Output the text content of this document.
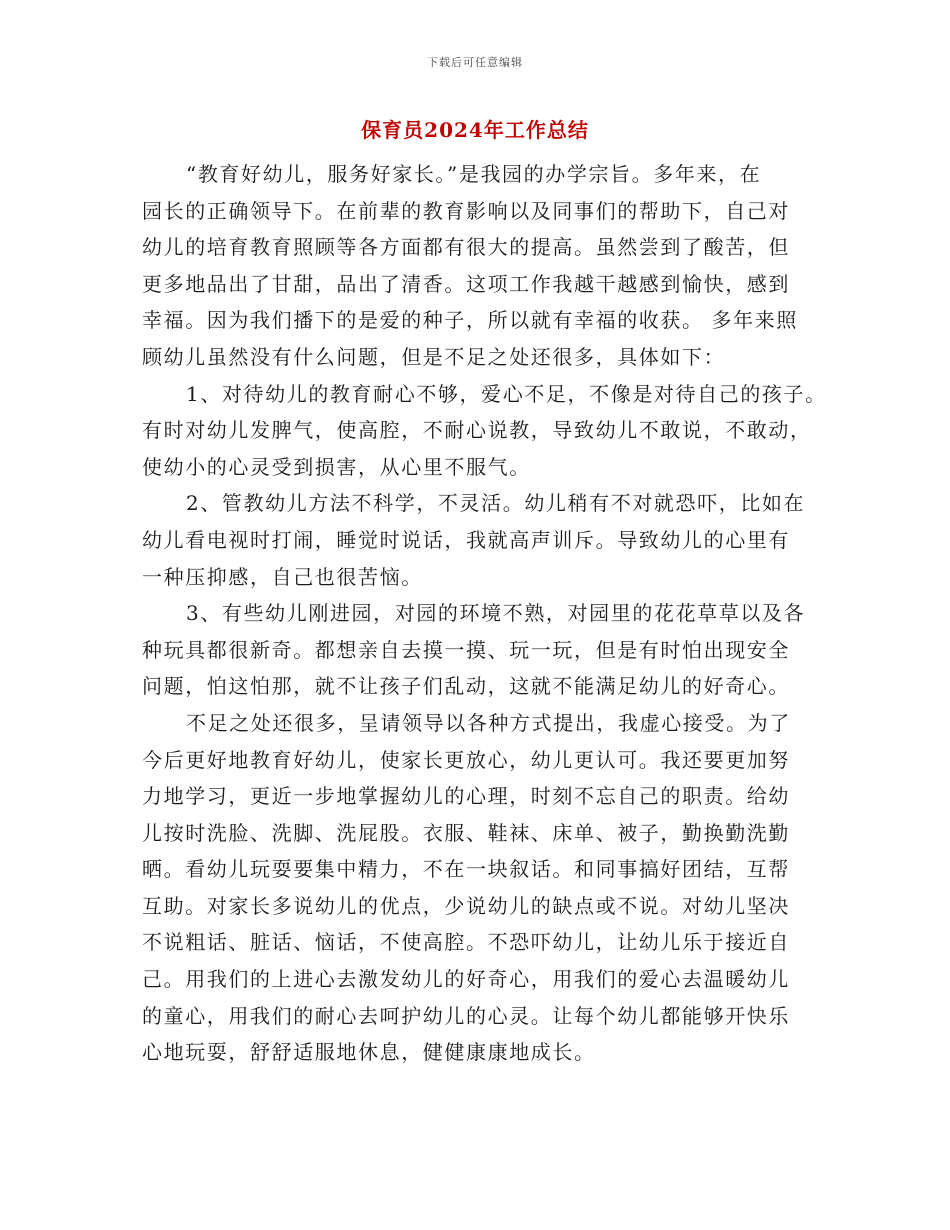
下载后可任意编辑
保育员2024年工作总结
“教育好幼儿，服务好家长。”是我园的办学宗旨。多年来，在
园长的正确领导下。在前辈的教育影响以及同事们的帮助下，自己对
幼儿的培育教育照顾等各方面都有很大的提高。虽然尝到了酸苦，但
更多地品出了甘甜，品出了清香。这项工作我越干越感到愉快，感到
幸福。因为我们播下的是爱的种子，所以就有幸福的收获。 多年来照
顾幼儿虽然没有什么问题，但是不足之处还很多，具体如下：
1、对待幼儿的教育耐心不够，爱心不足，不像是对待自己的孩子。
有时对幼儿发脾气，使高腔，不耐心说教，导致幼儿不敢说，不敢动，
使幼小的心灵受到损害，从心里不服气。
2、管教幼儿方法不科学，不灵活。幼儿稍有不对就恐吓，比如在
幼儿看电视时打闹，睡觉时说话，我就高声训斥。导致幼儿的心里有
一种压抑感，自己也很苦恼。
3、有些幼儿刚进园，对园的环境不熟，对园里的花花草草以及各
种玩具都很新奇。都想亲自去摸一摸、玩一玩，但是有时怕出现安全
问题，怕这怕那，就不让孩子们乱动，这就不能满足幼儿的好奇心。
不足之处还很多，呈请领导以各种方式提出，我虚心接受。为了
今后更好地教育好幼儿，使家长更放心，幼儿更认可。我还要更加努
力地学习，更近一步地掌握幼儿的心理，时刻不忘自己的职责。给幼
儿按时洗脸、洗脚、洗屁股。衣服、鞋袜、床单、被子，勤换勤洗勤
晒。看幼儿玩耍要集中精力，不在一块叙话。和同事搞好团结，互帮
互助。对家长多说幼儿的优点，少说幼儿的缺点或不说。对幼儿坚决
不说粗话、脏话、恼话，不使高腔。不恐吓幼儿，让幼儿乐于接近自
己。用我们的上进心去激发幼儿的好奇心，用我们的爱心去温暖幼儿
的童心，用我们的耐心去呵护幼儿的心灵。让每个幼儿都能够开快乐
心地玩耍，舒舒适服地休息，健健康康地成长。
